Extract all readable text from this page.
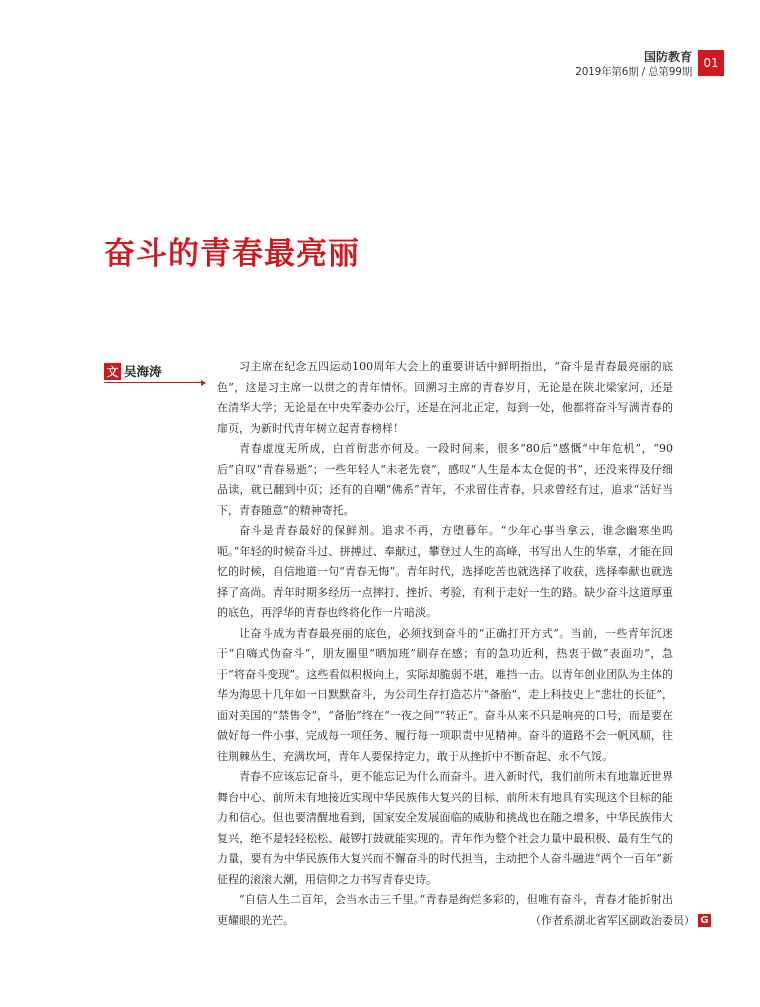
国防教育
2019年第6期 / 总第99期
01
奋斗的青春最亮丽
文 吴海涛	习主席在纪念五四运动100周年大会上的重要讲话中鲜明指出，“奋斗是青春最亮丽的底色”，这是习主席一以贯之的青年情怀。回溯习主席的青春岁月，无论是在陕北梁家河，还是在清华大学；无论是在中央军委办公厅，还是在河北正定，每到一处，他都将奋斗写满青春的扉页，为新时代青年树立起青春榜样！

青春虚度无所成，白首衔悲亦何及。一段时间来，很多“80后”感慨“中年危机”，“90后”自叹“青春易逝”；一些年轻人“未老先衰”，感叹“人生是本太仓促的书”，还没来得及仔细品读，就已翻到中页；还有的自嘲“佛系”青年，不求留住青春，只求曾经有过，追求“活好当下，青春随意”的精神寄托。

奋斗是青春最好的保鲜剂。追求不再，方堕暮年。“少年心事当拿云，谁念幽寒坐呜呃。”年轻的时候奋斗过、拼搏过、奉献过，攀登过人生的高峰，书写出人生的华章，才能在回忆的时候，自信地道一句“青春无悔”。青年时代，选择吃苦也就选择了收获，选择奉献也就选择了高尚。青年时期多经历一点摔打、挫折、考验，有利于走好一生的路。缺少奋斗这道厚重的底色，再浮华的青春也终将化作一片暗淡。

让奋斗成为青春最亮丽的底色，必须找到奋斗的“正确打开方式”。当前，一些青年沉迷于“自嗨式伪奋斗”，朋友圈里“晒加班”刷存在感；有的急功近利，热衷于做“表面功”，急于“将奋斗变现”。这些看似积极向上，实际却脆弱不堪，难挡一击。以青年创业团队为主体的华为海思十几年如一日默默奋斗，为公司生存打造芯片“备胎”，走上科技史上“悲壮的长征”，面对美国的“禁售令”，“备胎”终在“一夜之间”“转正”。奋斗从来不只是响亮的口号，而是要在做好每一件小事、完成每一项任务、履行每一项职责中见精神。奋斗的道路不会一帆风顺，往往荆棘丛生、充满坎坷，青年人要保持定力，敢于从挫折中不断奋起、永不气馁。

青春不应该忘记奋斗，更不能忘记为什么而奋斗。进入新时代，我们前所未有地靠近世界舞台中心、前所未有地接近实现中华民族伟大复兴的目标、前所未有地具有实现这个目标的能力和信心。但也要清醒地看到，国家安全发展面临的威胁和挑战也在随之增多，中华民族伟大复兴，绝不是轻轻松松、敲锣打鼓就能实现的。青年作为整个社会力量中最积极、最有生气的力量，要有为中华民族伟大复兴而不懈奋斗的时代担当，主动把个人奋斗融进“两个一百年”新征程的滚滚大潮，用信仰之力书写青春史诗。

“自信人生二百年，会当水击三千里。”青春是绚烂多彩的，但唯有奋斗，青春才能折射出更耀眼的光芒。	（作者系湖北省军区副政治委员） G
